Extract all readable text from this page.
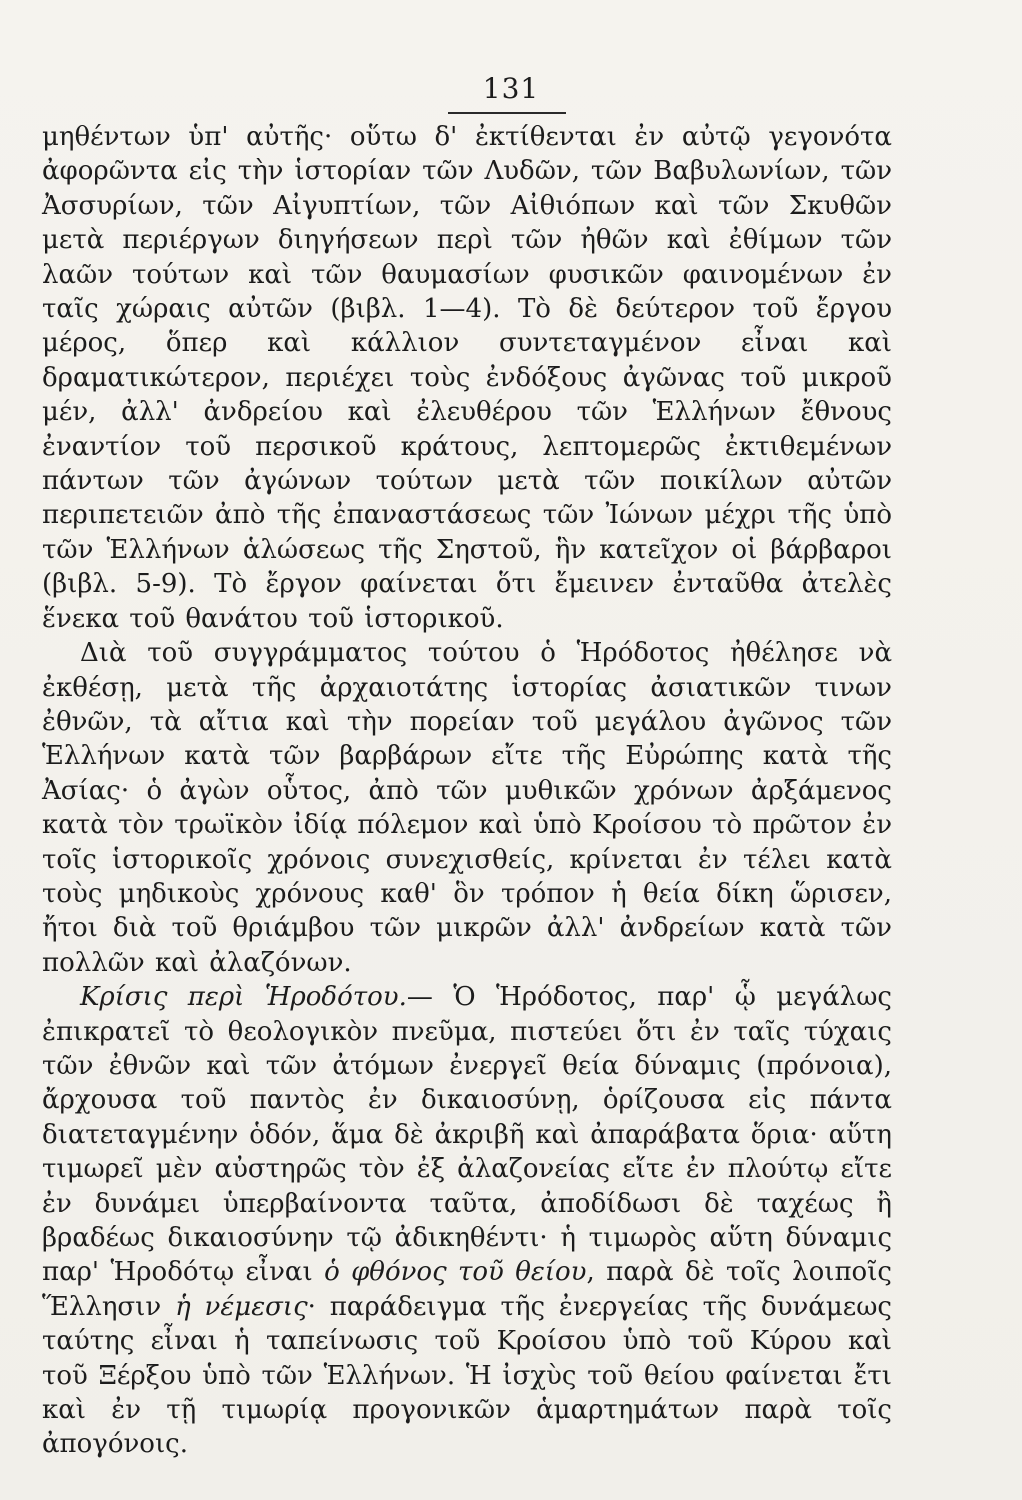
131

μηθέντων ὑπ' αὐτῆς· οὕτω δ' ἐκτίθενται ἐν αὐτῷ γεγονότα ἀφορῶντα εἰς τὴν ἱστορίαν τῶν Λυδῶν, τῶν Βαβυλωνίων, τῶν Ἀσσυρίων, τῶν Αἰγυπτίων, τῶν Αἰθιόπων καὶ τῶν Σκυθῶν μετὰ περιέργων διηγήσεων περὶ τῶν ἠθῶν καὶ ἐθίμων τῶν λαῶν τούτων καὶ τῶν θαυμασίων φυσικῶν φαινομένων ἐν ταῖς χώραις αὐτῶν (βιβλ. 1—4). Τὸ δὲ δεύτερον τοῦ ἔργου μέρος, ὅπερ καὶ κάλλιον συντεταγμένον εἶναι καὶ δραματικώτερον, περιέχει τοὺς ἐνδόξους ἀγῶνας τοῦ μικροῦ μέν, ἀλλ' ἀνδρείου καὶ ἐλευθέρου τῶν Ἑλλήνων ἔθνους ἐναντίον τοῦ περσικοῦ κράτους, λεπτομερῶς ἐκτιθεμένων πάντων τῶν ἀγώνων τούτων μετὰ τῶν ποικίλων αὐτῶν περιπετειῶν ἀπὸ τῆς ἐπαναστάσεως τῶν Ἰώνων μέχρι τῆς ὑπὸ τῶν Ἑλλήνων ἁλώσεως τῆς Σηστοῦ, ἣν κατεῖχον οἱ βάρβαροι (βιβλ. 5-9). Τὸ ἔργον φαίνεται ὅτι ἔμεινεν ἐνταῦθα ἀτελὲς ἕνεκα τοῦ θανάτου τοῦ ἱστορικοῦ.

Διὰ τοῦ συγγράμματος τούτου ὁ Ἡρόδοτος ἠθέλησε νὰ ἐκθέσῃ, μετὰ τῆς ἀρχαιοτάτης ἱστορίας ἀσιατικῶν τινων ἐθνῶν, τὰ αἴτια καὶ τὴν πορείαν τοῦ μεγάλου ἀγῶνος τῶν Ἑλλήνων κατὰ τῶν βαρβάρων εἴτε τῆς Εὐρώπης κατὰ τῆς Ἀσίας· ὁ ἀγὼν οὗτος, ἀπὸ τῶν μυθικῶν χρόνων ἀρξάμενος κατὰ τὸν τρωϊκὸν ἰδίᾳ πόλεμον καὶ ὑπὸ Κροίσου τὸ πρῶτον ἐν τοῖς ἱστορικοῖς χρόνοις συνεχισθείς, κρίνεται ἐν τέλει κατὰ τοὺς μηδικοὺς χρόνους καθ' ὃν τρόπον ἡ θεία δίκη ὥρισεν, ἤτοι διὰ τοῦ θριάμβου τῶν μικρῶν ἀλλ' ἀνδρείων κατὰ τῶν πολλῶν καὶ ἀλαζόνων.

Κρίσις περὶ Ἡροδότου.— Ὁ Ἡρόδοτος, παρ' ᾧ μεγάλως ἐπικρατεῖ τὸ θεολογικὸν πνεῦμα, πιστεύει ὅτι ἐν ταῖς τύχαις τῶν ἐθνῶν καὶ τῶν ἀτόμων ἐνεργεῖ θεία δύναμις (πρόνοια), ἄρχουσα τοῦ παντὸς ἐν δικαιοσύνῃ, ὁρίζουσα εἰς πάντα διατεταγμένην ὁδόν, ἅμα δὲ ἀκριβῆ καὶ ἀπαράβατα ὅρια· αὕτη τιμωρεῖ μὲν αὐστηρῶς τὸν ἐξ ἀλαζονείας εἴτε ἐν πλούτῳ εἴτε ἐν δυνάμει ὑπερβαίνοντα ταῦτα, ἀποδίδωσι δὲ ταχέως ἢ βραδέως δικαιοσύνην τῷ ἀδικηθέντι· ἡ τιμωρὸς αὕτη δύναμις παρ' Ἡροδότῳ εἶναι ὁ φθόνος τοῦ θείου, παρὰ δὲ τοῖς λοιποῖς Ἕλλησιν ἡ νέμεσις· παράδειγμα τῆς ἐνεργείας τῆς δυνάμεως ταύτης εἶναι ἡ ταπείνωσις τοῦ Κροίσου ὑπὸ τοῦ Κύρου καὶ τοῦ Ξέρξου ὑπὸ τῶν Ἑλλήνων. Ἡ ἰσχὺς τοῦ θείου φαίνεται ἔτι καὶ ἐν τῇ τιμωρίᾳ προγονικῶν ἁμαρτημάτων παρὰ τοῖς ἀπογόνοις.
